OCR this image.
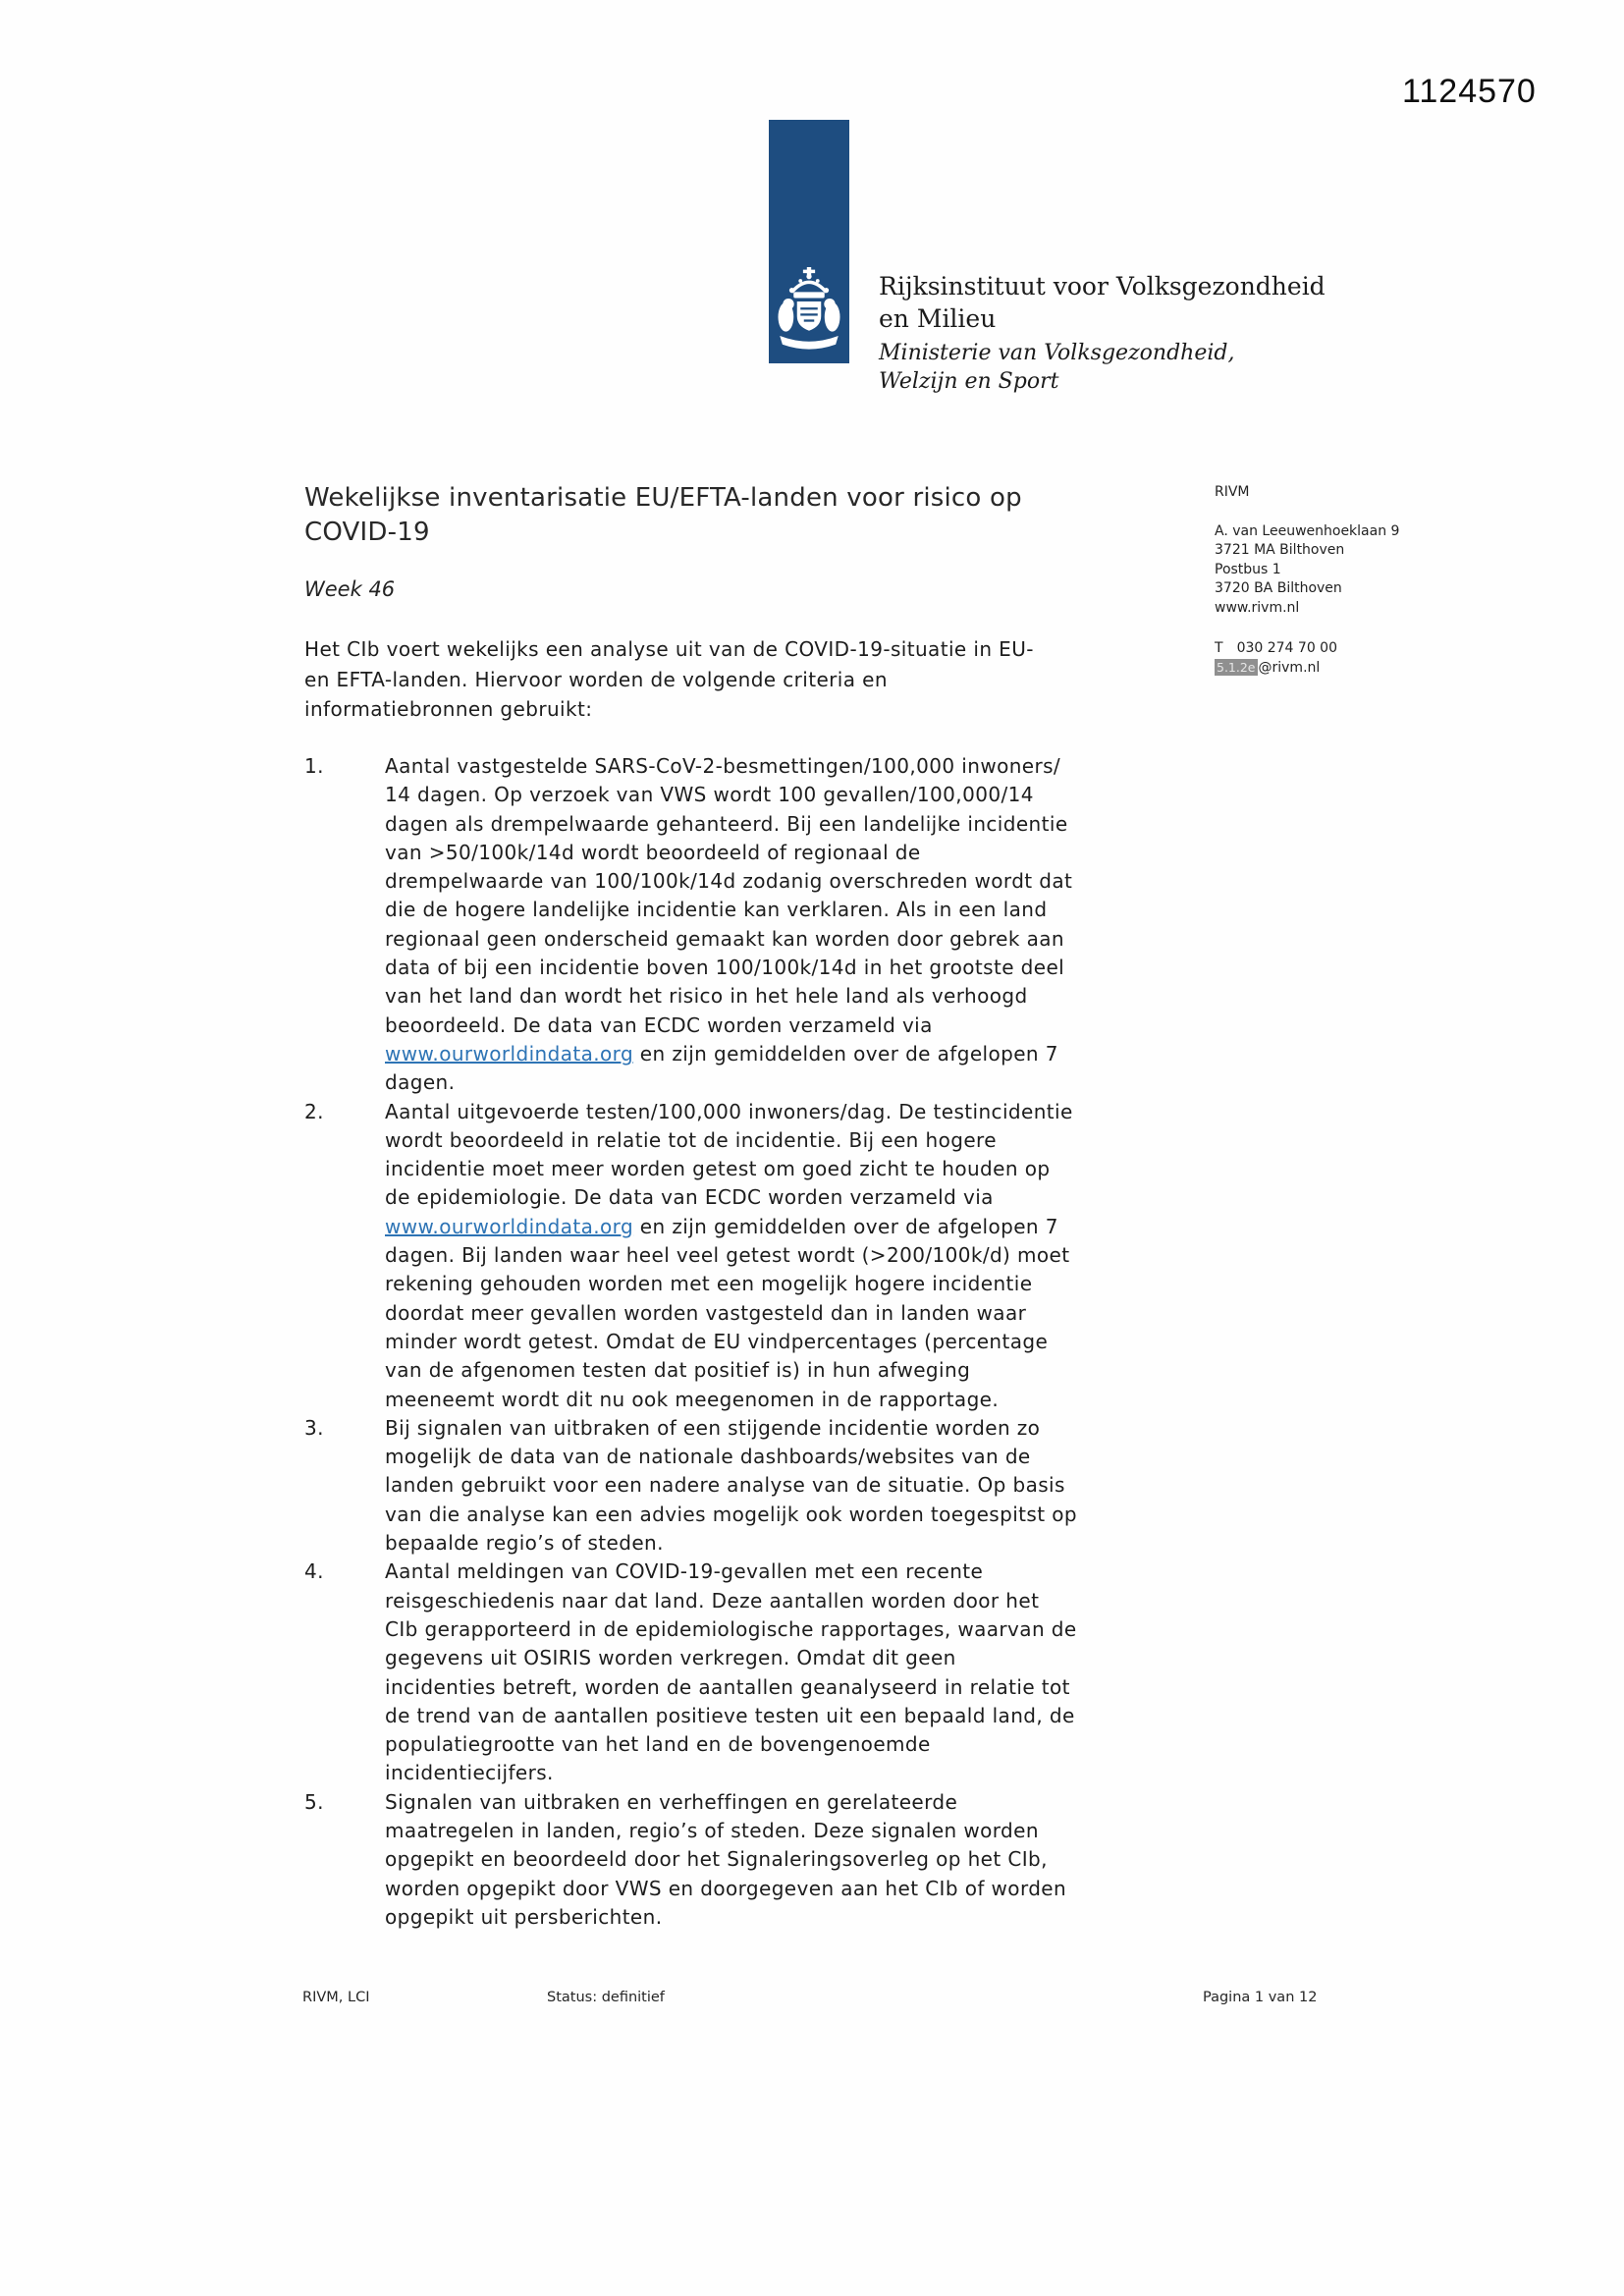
1124570
Rijksinstituut voor Volksgezondheid
en Milieu
Ministerie van Volksgezondheid,
Welzijn en Sport
Wekelijkse inventarisatie EU/EFTA-landen voor risico op
COVID-19
Week 46
RIVM
A. van Leeuwenhoeklaan 9
3721 MA Bilthoven
Postbus 1
3720 BA Bilthoven
www.rivm.nl
T 030 274 70 00
5.1.2e @rivm.nl
Het CIb voert wekelijks een analyse uit van de COVID-19-situatie in EU-
en EFTA-landen. Hiervoor worden de volgende criteria en
informatiebronnen gebruikt:
1.	Aantal vastgestelde SARS-CoV-2-besmettingen/100,000 inwoners/
14 dagen. Op verzoek van VWS wordt 100 gevallen/100,000/14
dagen als drempelwaarde gehanteerd. Bij een landelijke incidentie
van >50/100k/14d wordt beoordeeld of regionaal de
drempelwaarde van 100/100k/14d zodanig overschreden wordt dat
die de hogere landelijke incidentie kan verklaren. Als in een land
regionaal geen onderscheid gemaakt kan worden door gebrek aan
data of bij een incidentie boven 100/100k/14d in het grootste deel
van het land dan wordt het risico in het hele land als verhoogd
beoordeeld. De data van ECDC worden verzameld via
www.ourworldindata.org en zijn gemiddelden over de afgelopen 7
dagen.
2.	Aantal uitgevoerde testen/100,000 inwoners/dag. De testincidentie
wordt beoordeeld in relatie tot de incidentie. Bij een hogere
incidentie moet meer worden getest om goed zicht te houden op
de epidemiologie. De data van ECDC worden verzameld via
www.ourworldindata.org en zijn gemiddelden over de afgelopen 7
dagen. Bij landen waar heel veel getest wordt (>200/100k/d) moet
rekening gehouden worden met een mogelijk hogere incidentie
doordat meer gevallen worden vastgesteld dan in landen waar
minder wordt getest. Omdat de EU vindpercentages (percentage
van de afgenomen testen dat positief is) in hun afweging
meeneemt wordt dit nu ook meegenomen in de rapportage.
3.	Bij signalen van uitbraken of een stijgende incidentie worden zo
mogelijk de data van de nationale dashboards/websites van de
landen gebruikt voor een nadere analyse van de situatie. Op basis
van die analyse kan een advies mogelijk ook worden toegespitst op
bepaalde regio’s of steden.
4.	Aantal meldingen van COVID-19-gevallen met een recente
reisgeschiedenis naar dat land. Deze aantallen worden door het
CIb gerapporteerd in de epidemiologische rapportages, waarvan de
gegevens uit OSIRIS worden verkregen. Omdat dit geen
incidenties betreft, worden de aantallen geanalyseerd in relatie tot
de trend van de aantallen positieve testen uit een bepaald land, de
populatiegrootte van het land en de bovengenoemde
incidentiecijfers.
5.	Signalen van uitbraken en verheffingen en gerelateerde
maatregelen in landen, regio’s of steden. Deze signalen worden
opgepikt en beoordeeld door het Signaleringsoverleg op het CIb,
worden opgepikt door VWS en doorgegeven aan het CIb of worden
opgepikt uit persberichten.
RIVM, LCI	Status: definitief	Pagina 1 van 12
